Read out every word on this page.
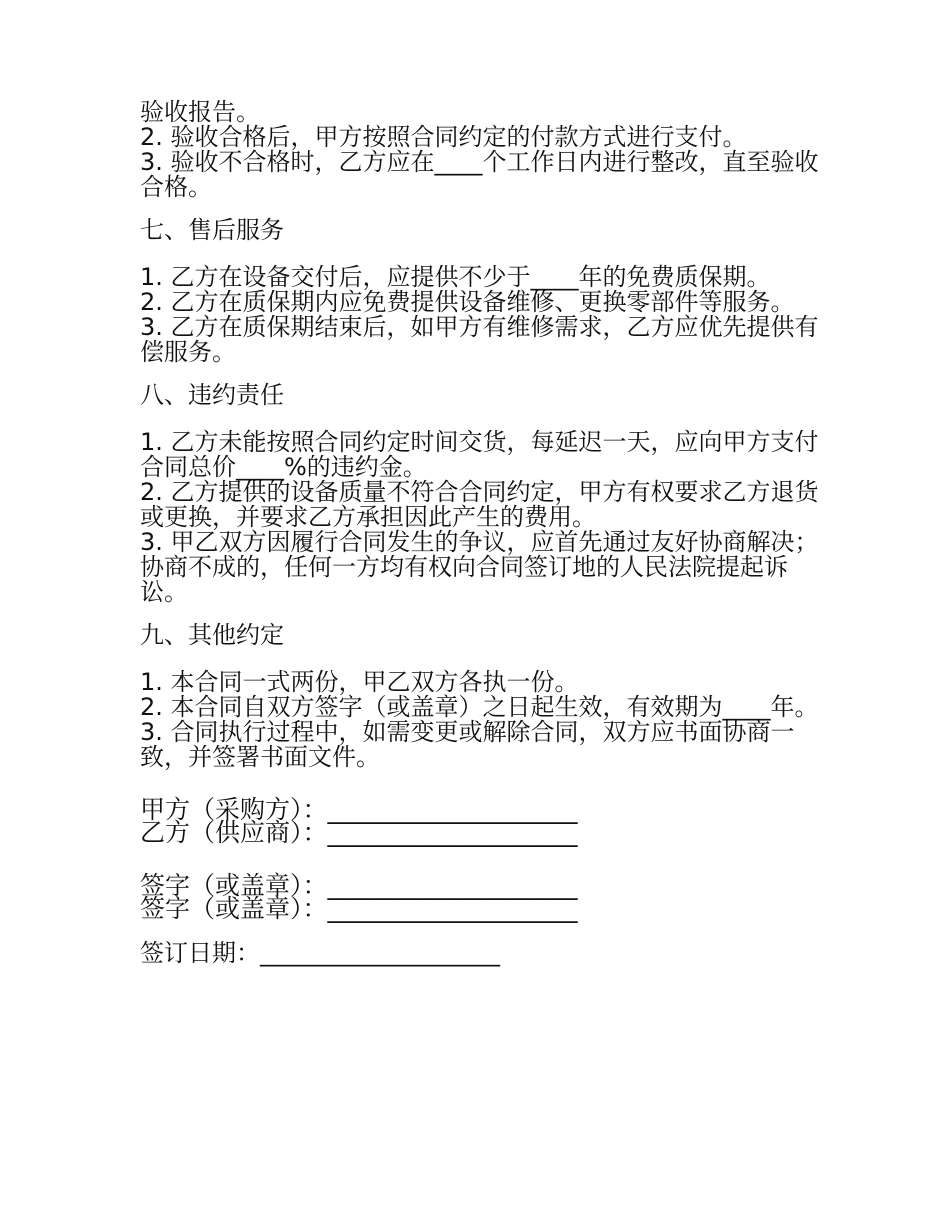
验收报告。

2. 验收合格后，甲方按照合同约定的付款方式进行支付。

3. 验收不合格时，乙方应在____个工作日内进行整改，直至验收合格。

七、售后服务

1. 乙方在设备交付后，应提供不少于____年的免费质保期。

2. 乙方在质保期内应免费提供设备维修、更换零部件等服务。

3. 乙方在质保期结束后，如甲方有维修需求，乙方应优先提供有偿服务。

八、违约责任

1. 乙方未能按照合同约定时间交货，每延迟一天，应向甲方支付合同总价____%的违约金。

2. 乙方提供的设备质量不符合合同约定，甲方有权要求乙方退货或更换，并要求乙方承担因此产生的费用。

3. 甲乙双方因履行合同发生的争议，应首先通过友好协商解决；协商不成的，任何一方均有权向合同签订地的人民法院提起诉讼。

九、其他约定

1. 本合同一式两份，甲乙双方各执一份。

2. 本合同自双方签字（或盖章）之日起生效，有效期为____年。

3. 合同执行过程中，如需变更或解除合同，双方应书面协商一致，并签署书面文件。

甲方（采购方）：____________________

乙方（供应商）：____________________

签字（或盖章）：____________________

签字（或盖章）：____________________

签订日期：____________________
